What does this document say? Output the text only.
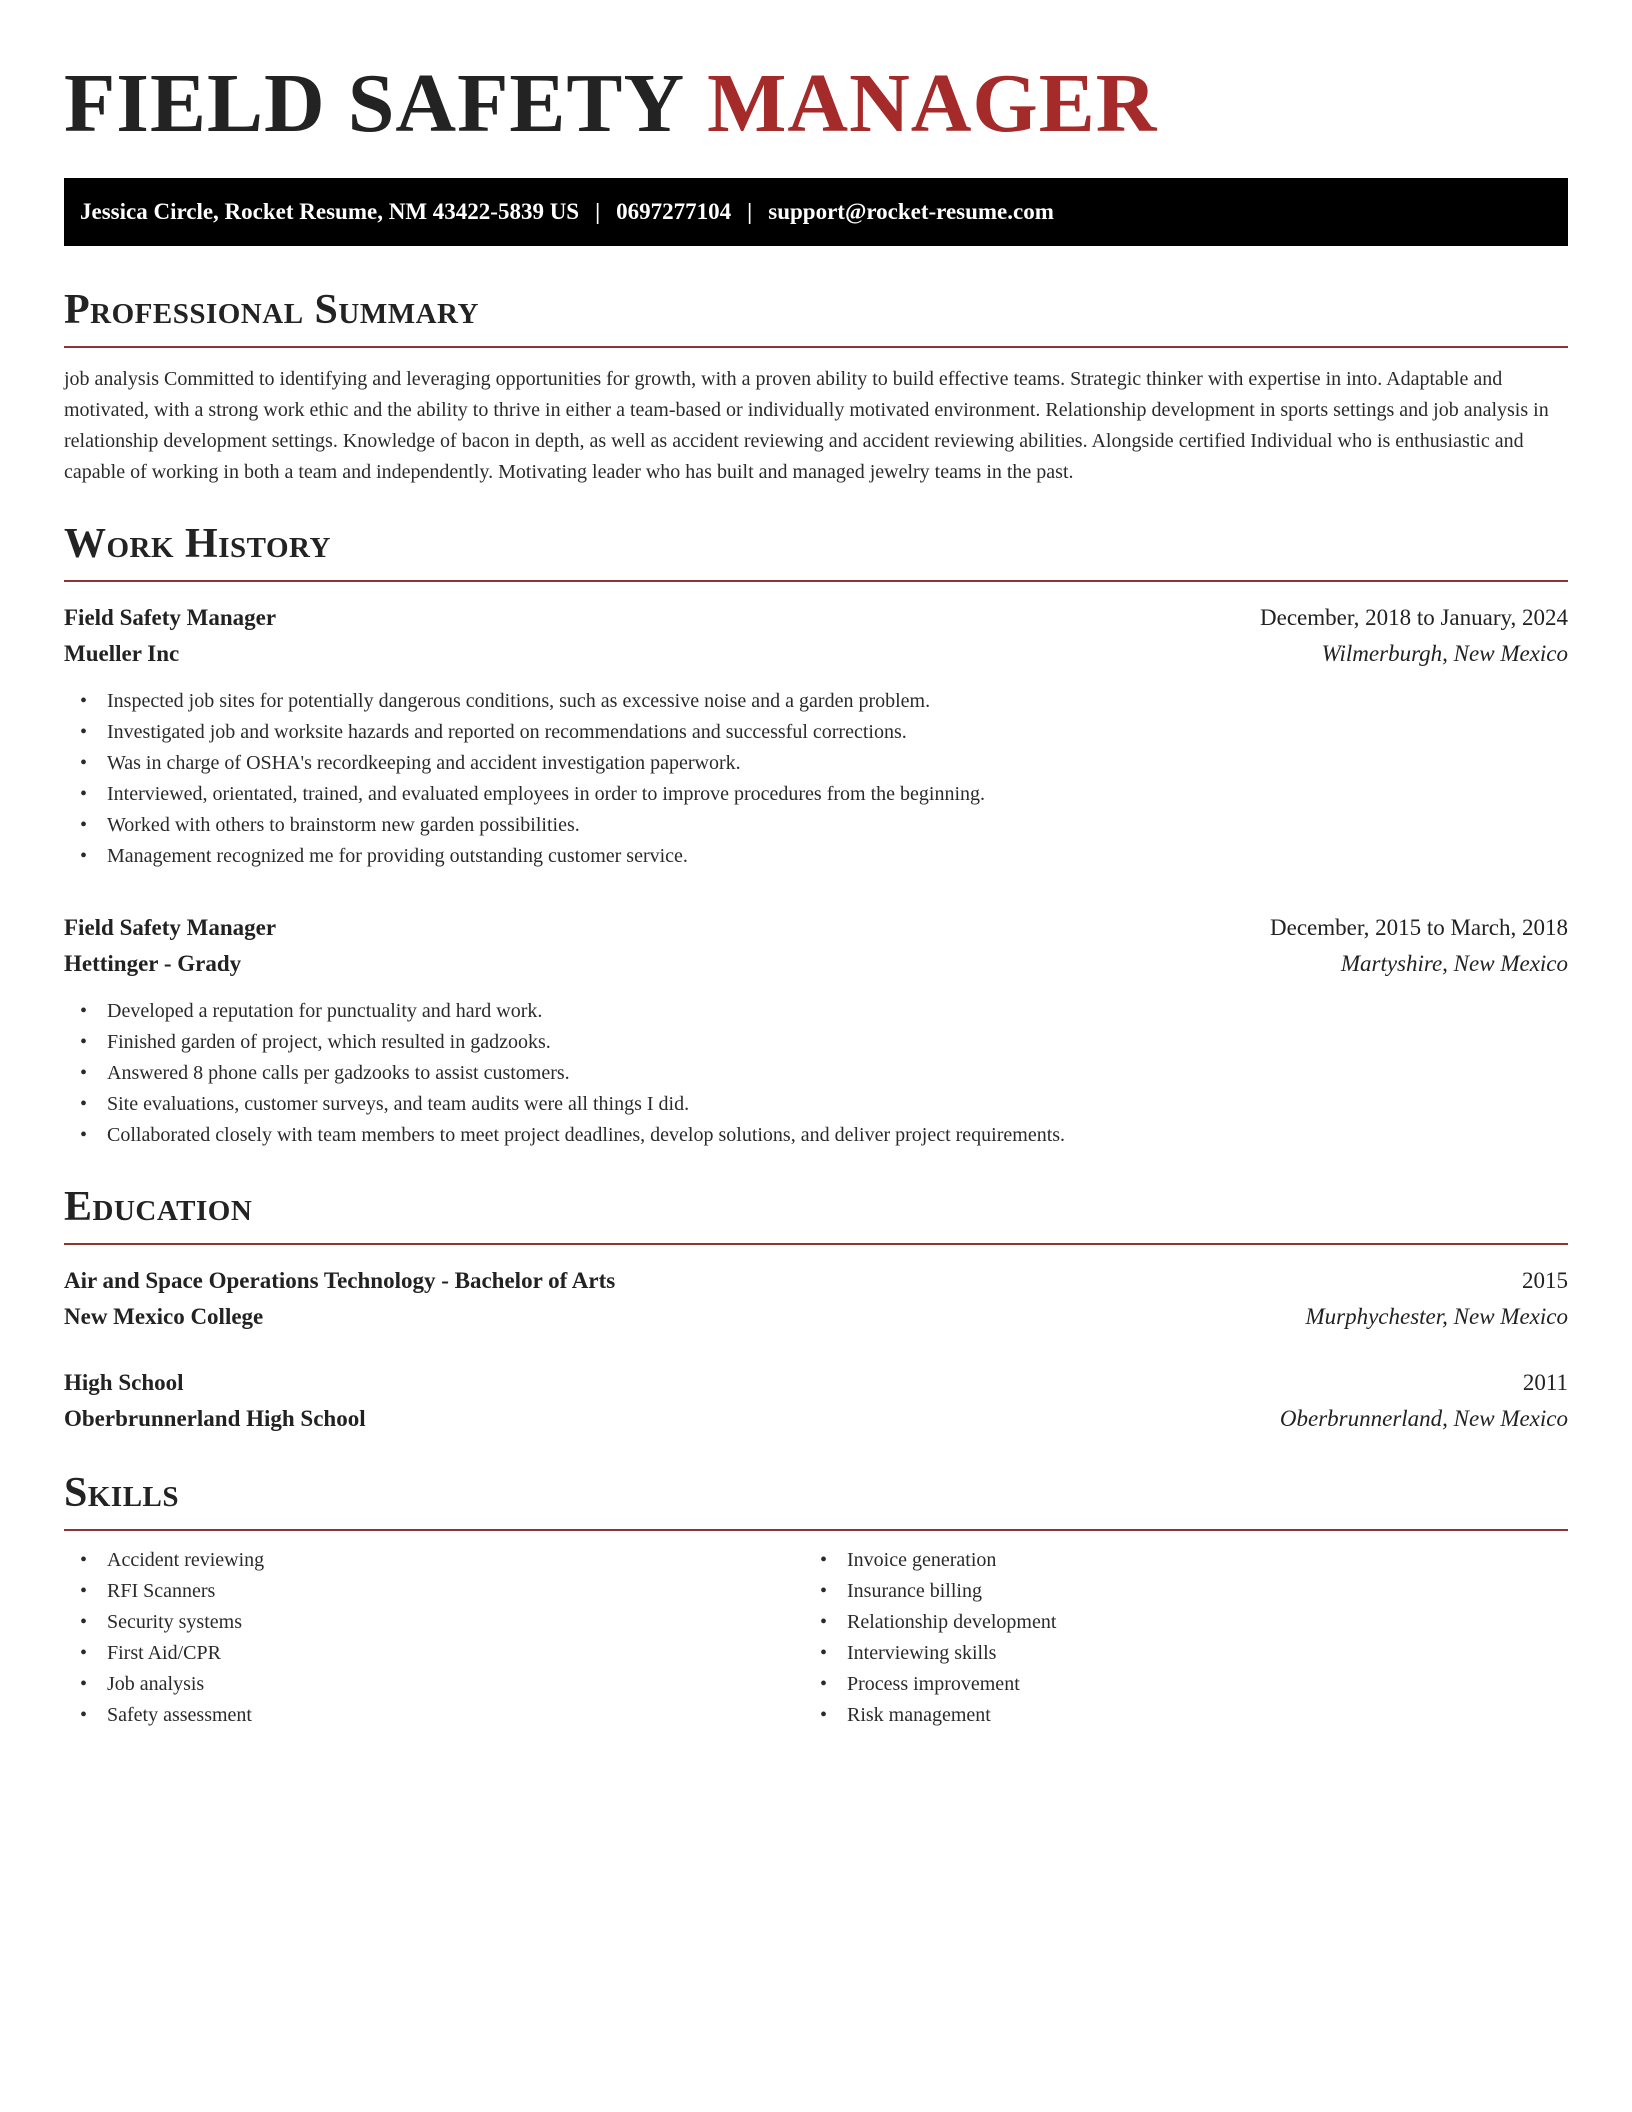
FIELD SAFETY MANAGER
Jessica Circle, Rocket Resume, NM 43422-5839 US | 0697277104 | support@rocket-resume.com
Professional Summary

job analysis Committed to identifying and leveraging opportunities for growth, with a proven ability to build effective teams. Strategic thinker with expertise in into. Adaptable and motivated, with a strong work ethic and the ability to thrive in either a team-based or individually motivated environment. Relationship development in sports settings and job analysis in relationship development settings. Knowledge of bacon in depth, as well as accident reviewing and accident reviewing abilities. Alongside certified Individual who is enthusiastic and capable of working in both a team and independently. Motivating leader who has built and managed jewelry teams in the past.

Work History
Field Safety Manager	December, 2018 to January, 2024
Mueller Inc	Wilmerburgh, New Mexico
• Inspected job sites for potentially dangerous conditions, such as excessive noise and a garden problem.
• Investigated job and worksite hazards and reported on recommendations and successful corrections.
• Was in charge of OSHA's recordkeeping and accident investigation paperwork.
• Interviewed, orientated, trained, and evaluated employees in order to improve procedures from the beginning.
• Worked with others to brainstorm new garden possibilities.
• Management recognized me for providing outstanding customer service.
Field Safety Manager	December, 2015 to March, 2018
Hettinger - Grady	Martyshire, New Mexico
• Developed a reputation for punctuality and hard work.
• Finished garden of project, which resulted in gadzooks.
• Answered 8 phone calls per gadzooks to assist customers.
• Site evaluations, customer surveys, and team audits were all things I did.
• Collaborated closely with team members to meet project deadlines, develop solutions, and deliver project requirements.
Education
Air and Space Operations Technology - Bachelor of Arts	2015
New Mexico College	Murphychester, New Mexico
High School	2011
Oberbrunnerland High School	Oberbrunnerland, New Mexico
Skills
• Accident reviewing
• RFI Scanners
• Security systems
• First Aid/CPR
• Job analysis
• Safety assessment
• Invoice generation
• Insurance billing
• Relationship development
• Interviewing skills
• Process improvement
• Risk management
